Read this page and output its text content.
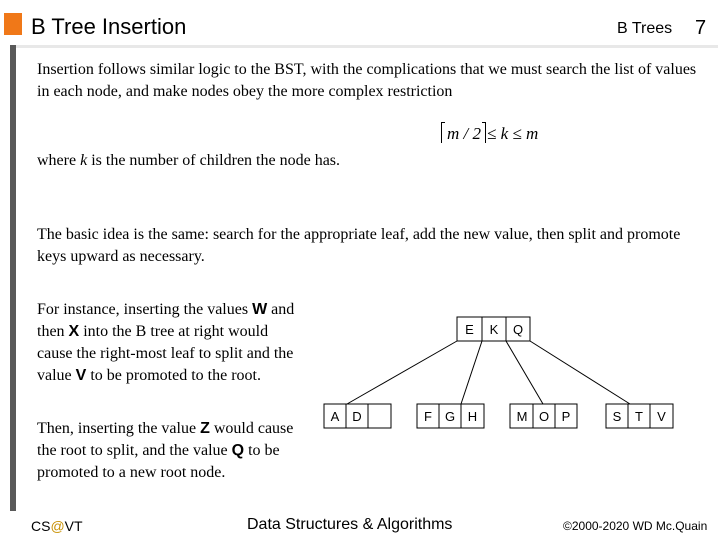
B Tree Insertion	B Trees 7
Insertion follows similar logic to the BST, with the complications that we must search the list of values in each node, and make nodes obey the more complex restriction
m / 2 ≤ k ≤ m
where k is the number of children the node has.
The basic idea is the same: search for the appropriate leaf, add the new value, then split and promote keys upward as necessary.
For instance, inserting the values W and then X into the B tree at right would cause the right-most leaf to split and the value V to be promoted to the root.
Then, inserting the value Z would cause the root to split, and the value Q to be promoted to a new root node.
E K Q
A D	F G H	M O P	S T V
CS@VT	Data Structures & Algorithms	©2000-2020 WD Mc.Quain
